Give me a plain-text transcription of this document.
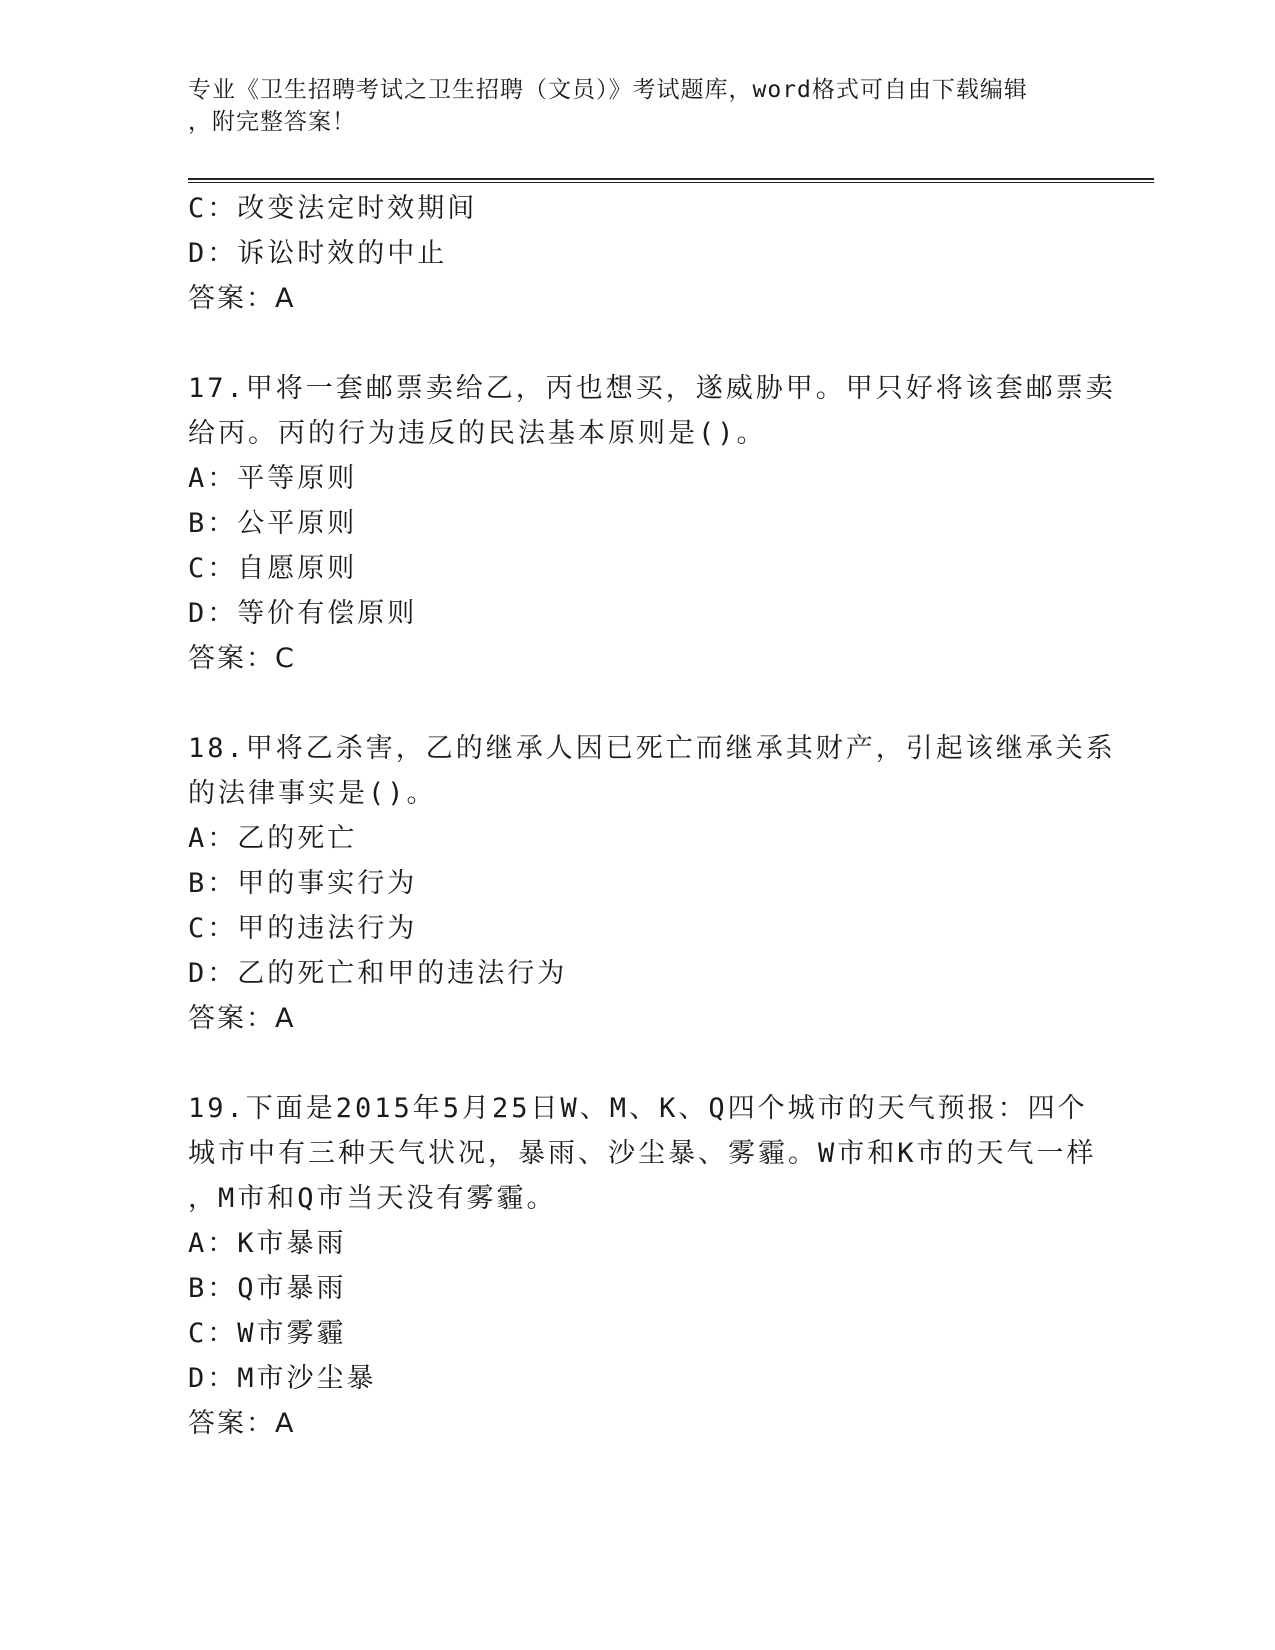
专业《卫生招聘考试之卫生招聘（文员）》考试题库，word格式可自由下载编辑
，附完整答案！
C：改变法定时效期间
D：诉讼时效的中止
答案：A
17.甲将一套邮票卖给乙，丙也想买，遂威胁甲。甲只好将该套邮票卖
给丙。丙的行为违反的民法基本原则是()。
A：平等原则
B：公平原则
C：自愿原则
D：等价有偿原则
答案：C
18.甲将乙杀害，乙的继承人因已死亡而继承其财产，引起该继承关系
的法律事实是()。
A：乙的死亡
B：甲的事实行为
C：甲的违法行为
D：乙的死亡和甲的违法行为
答案：A
19.下面是2015年5月25日W、M、K、Q四个城市的天气预报：四个
城市中有三种天气状况，暴雨、沙尘暴、雾霾。W市和K市的天气一样
，M市和Q市当天没有雾霾。
A：K市暴雨
B：Q市暴雨
C：W市雾霾
D：M市沙尘暴
答案：A
